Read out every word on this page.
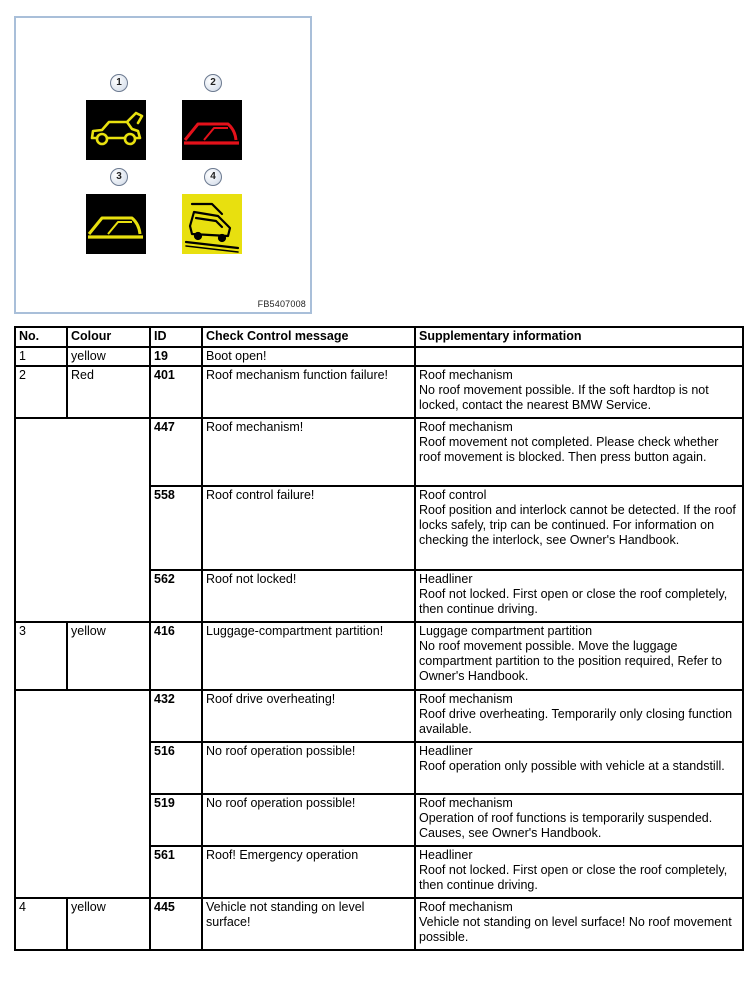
1	2
3	4
FB5407008
No.	Colour	ID	Check Control message	Supplementary information
1	yellow	19	Boot open!	
2	Red	401	Roof mechanism function failure!	Roof mechanism
No roof movement possible. If the soft hardtop is not locked, contact the nearest BMW Service.

		447	Roof mechanism!	Roof mechanism
Roof movement not completed. Please check whether roof movement is blocked. Then press button again.

		558	Roof control failure!	Roof control
Roof position and interlock cannot be detected. If the roof locks safely, trip can be continued. For information on checking the interlock, see Owner's Handbook.

		562	Roof not locked!	Headliner
Roof not locked. First open or close the roof completely, then continue driving.

3	yellow	416	Luggage-compartment partition!	Luggage compartment partition
No roof movement possible. Move the luggage compartment partition to the position required, Refer to Owner's Handbook.

		432	Roof drive overheating!	Roof mechanism
Roof drive overheating. Temporarily only closing function available.

		516	No roof operation possible!	Headliner
Roof operation only possible with vehicle at a standstill.

		519	No roof operation possible!	Roof mechanism
Operation of roof functions is temporarily suspended. Causes, see Owner's Handbook.

		561	Roof! Emergency operation	Headliner
Roof not locked. First open or close the roof completely, then continue driving.

4	yellow	445	Vehicle not standing on level surface!	Roof mechanism
Vehicle not standing on level surface! No roof movement possible.
